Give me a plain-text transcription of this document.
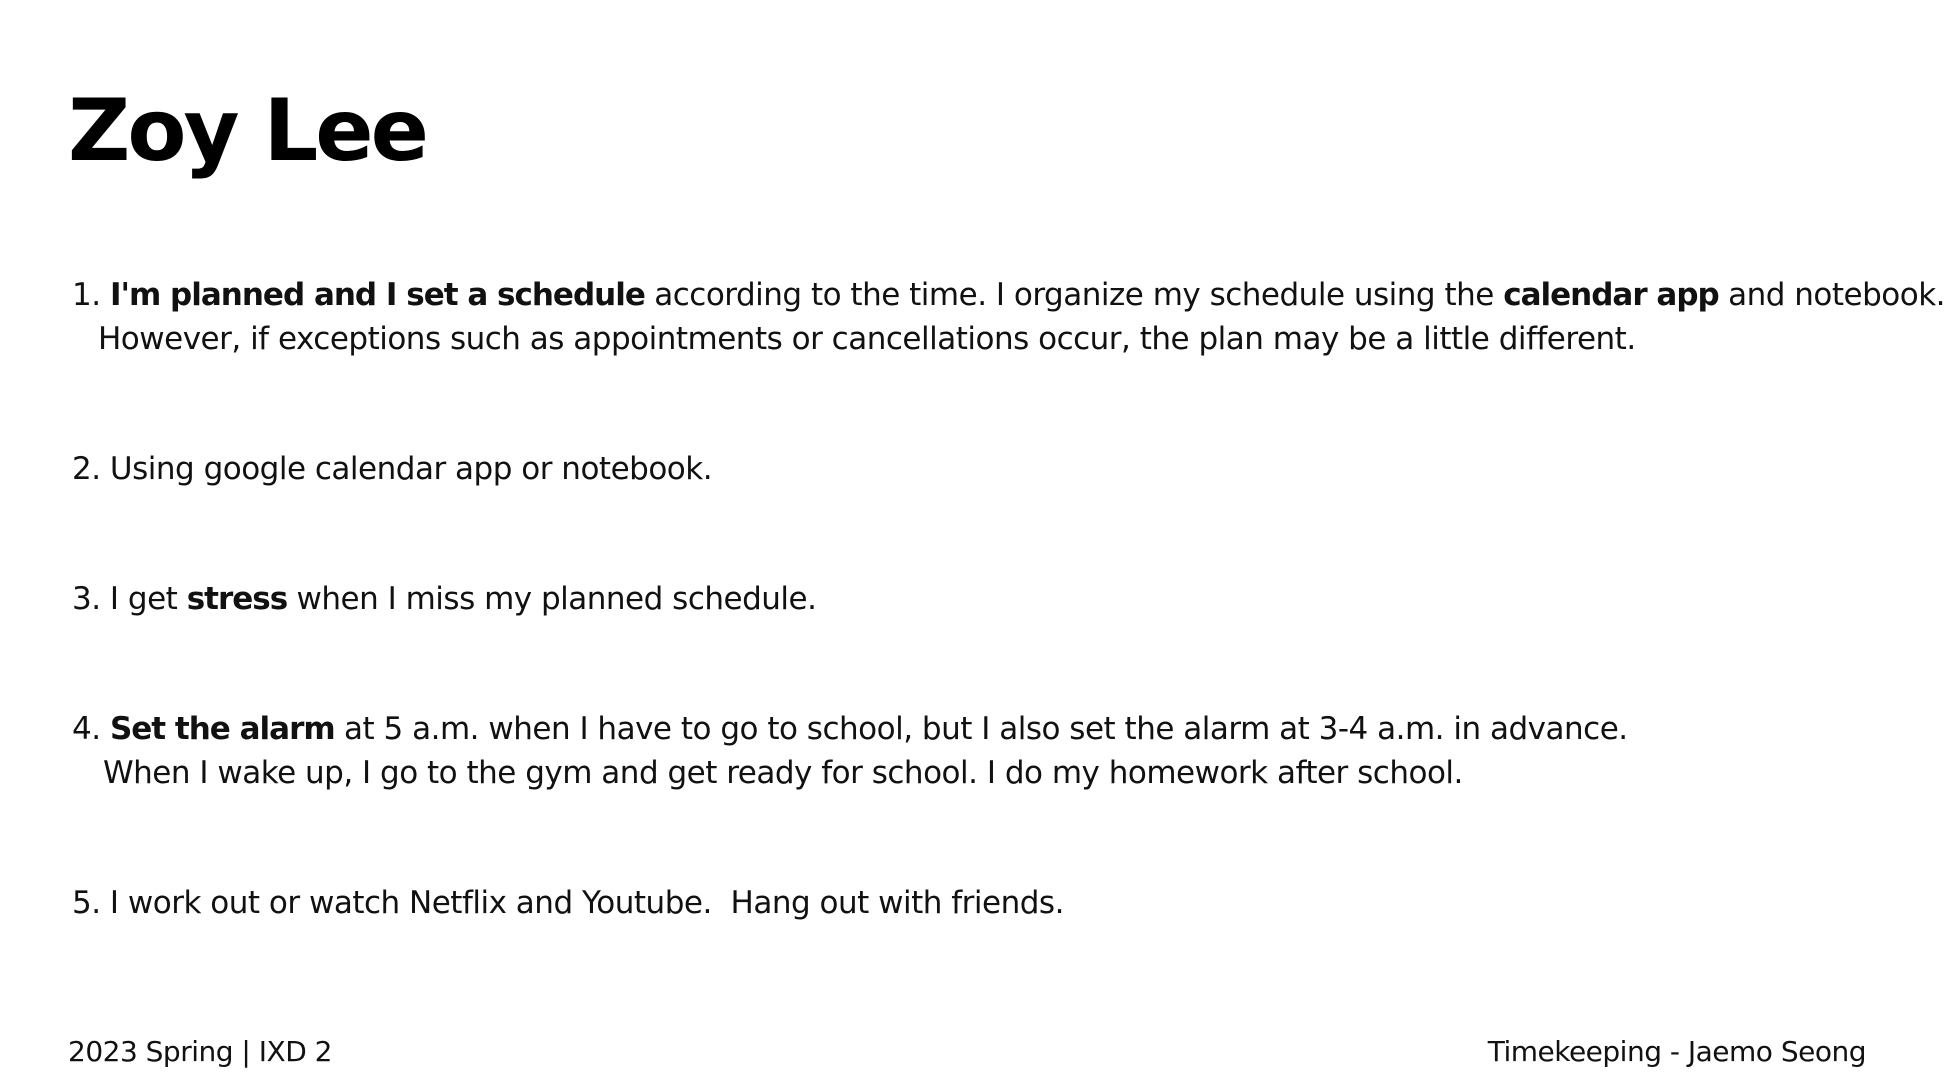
Zoy Lee
1. I'm planned and I set a schedule according to the time. I organize my schedule using the calendar app and notebook.
However, if exceptions such as appointments or cancellations occur, the plan may be a little different.
2. Using google calendar app or notebook.
3. I get stress when I miss my planned schedule.
4. Set the alarm at 5 a.m. when I have to go to school, but I also set the alarm at 3-4 a.m. in advance.
When I wake up, I go to the gym and get ready for school. I do my homework after school.
5. I work out or watch Netflix and Youtube.  Hang out with friends.
2023 Spring | IXD 2	Timekeeping - Jaemo Seong
